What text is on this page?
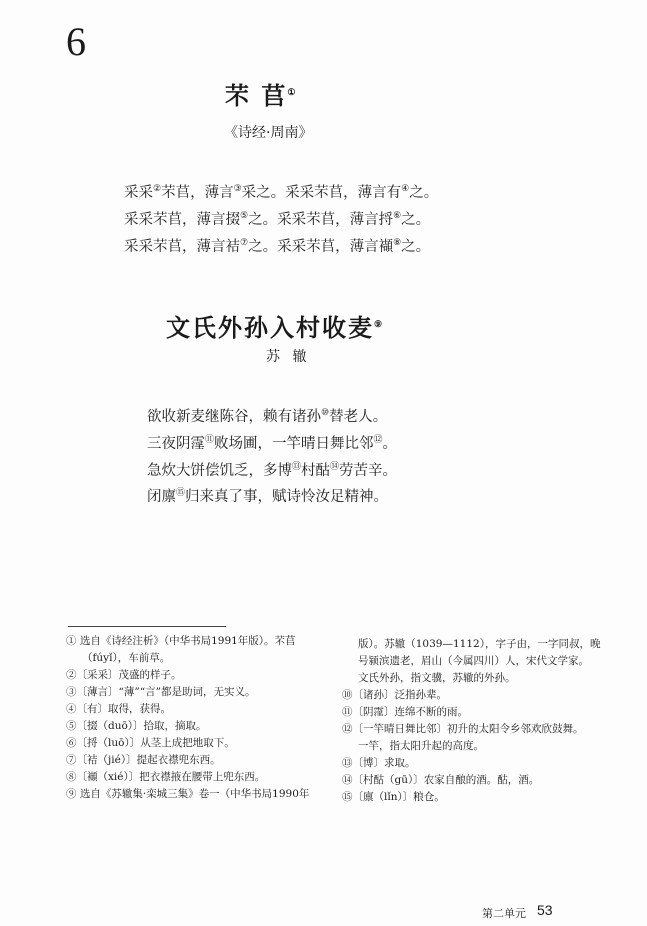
6
芣 苢①
《诗经·周南》
采采②芣苢，薄言③采之。采采芣苢，薄言有④之。
采采芣苢，薄言掇⑤之。采采芣苢，薄言捋⑥之。
采采芣苢，薄言袺⑦之。采采芣苢，薄言襭⑧之。
文氏外孙入村收麦⑨
苏 辙
欲收新麦继陈谷，赖有诸孙⑩替老人。
三夜阴霪⑪败场圃，一竿晴日舞比邻⑫。
急炊大饼偿饥乏，多博⑬村酤⑭劳苦辛。
闭廪⑮归来真了事，赋诗怜汝足精神。
① 选自《诗经注析》（中华书局1991年版）。芣苢
（fúyǐ），车前草。
②〔采采〕茂盛的样子。
③〔薄言〕“薄”“言”都是助词，无实义。
④〔有〕取得，获得。
⑤〔掇（duō）〕拾取，摘取。
⑥〔捋（luō）〕从茎上成把地取下。
⑦〔袺（jié）〕提起衣襟兜东西。
⑧〔襭（xié）〕把衣襟掖在腰带上兜东西。
⑨ 选自《苏辙集·栾城三集》卷一（中华书局1990年
版）。苏辙（1039—1112），字子由，一字同叔，晚
号颍滨遗老，眉山（今属四川）人，宋代文学家。
文氏外孙，指文骥，苏辙的外孙。
⑩〔诸孙〕泛指孙辈。
⑪〔阴霪〕连绵不断的雨。
⑫〔一竿晴日舞比邻〕初升的太阳令乡邻欢欣鼓舞。
一竿，指太阳升起的高度。
⑬〔博〕求取。
⑭〔村酤（gū）〕农家自酿的酒。酤，酒。
⑮〔廪（lǐn）〕粮仓。
第二单元 53
